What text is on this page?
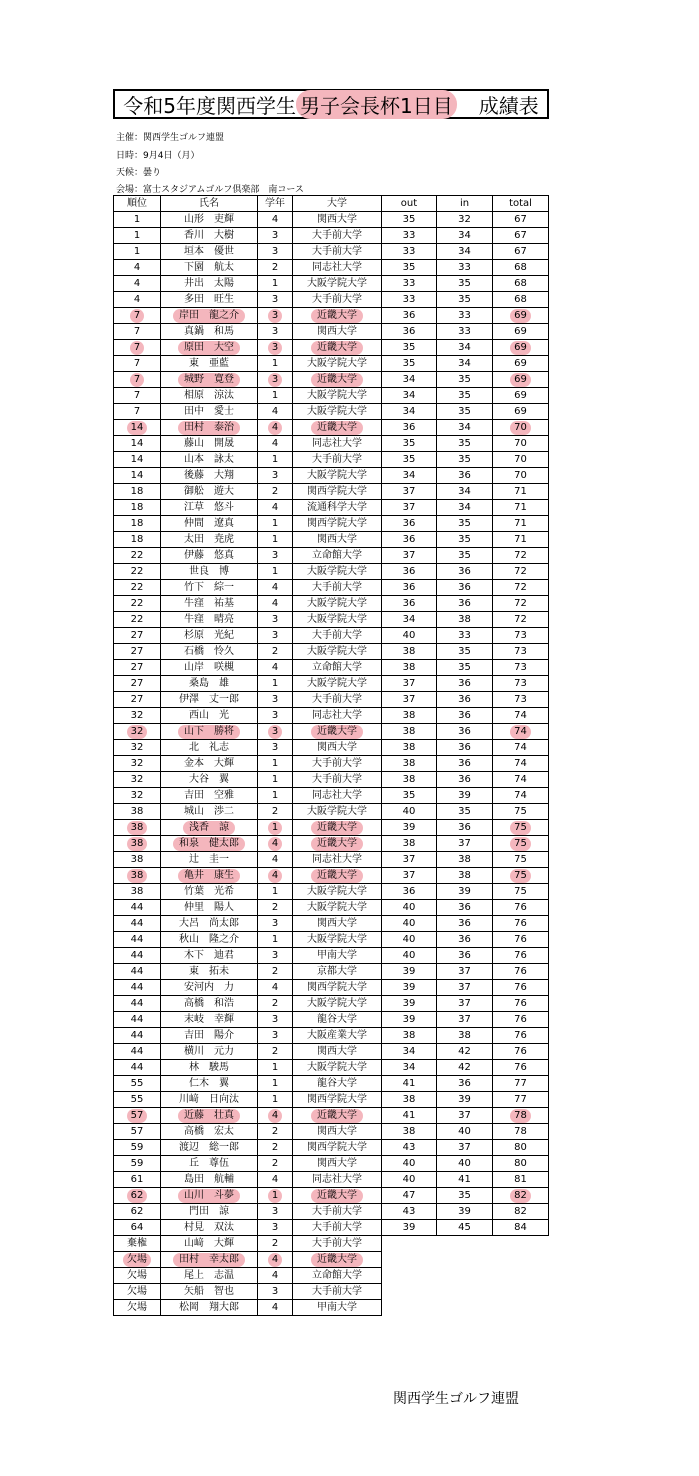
令和5年度関西学生 男子会長杯1日目 成績表
主催：関西学生ゴルフ連盟
日時：9月4日（月）
天候：曇り
会場：富士スタジアムゴルフ倶楽部　南コース
順位	氏名	学年	大学	out	in	total
1	山形　吏輝	4	関西大学	35	32	67
1	香川　大樹	3	大手前大学	33	34	67
1	垣本　優世	3	大手前大学	33	34	67
4	下園　航太	2	同志社大学	35	33	68
4	井出　太陽	1	大阪学院大学	33	35	68
4	多田　旺生	3	大手前大学	33	35	68
7	岸田　龍之介	3	近畿大学	36	33	69
7	真鍋　和馬	3	関西大学	36	33	69
7	原田　大空	3	近畿大学	35	34	69
7	東　亜藍	1	大阪学院大学	35	34	69
7	城野　寛登	3	近畿大学	34	35	69
7	相原　涼汰	1	大阪学院大学	34	35	69
7	田中　愛士	4	大阪学院大学	34	35	69
14	田村　泰治	4	近畿大学	36	34	70
14	藤山　開晟	4	同志社大学	35	35	70
14	山本　詠太	1	大手前大学	35	35	70
14	後藤　大翔	3	大阪学院大学	34	36	70
18	御舩　遊大	2	関西学院大学	37	34	71
18	江草　悠斗	4	流通科学大学	37	34	71
18	仲間　遼真	1	関西学院大学	36	35	71
18	太田　尭虎	1	関西大学	36	35	71
22	伊藤　悠真	3	立命館大学	37	35	72
22	世良　博	1	大阪学院大学	36	36	72
22	竹下　綜一	4	大手前大学	36	36	72
22	牛窪　祐基	4	大阪学院大学	36	36	72
22	牛窪　晴亮	3	大阪学院大学	34	38	72
27	杉原　光紀	3	大手前大学	40	33	73
27	石橋　怜久	2	大阪学院大学	38	35	73
27	山岸　咲槻	4	立命館大学	38	35	73
27	桑島　雄	1	大阪学院大学	37	36	73
27	伊澤　丈一郎	3	大手前大学	37	36	73
32	西山　光	3	同志社大学	38	36	74
32	山下　勝将	3	近畿大学	38	36	74
32	北　礼志	3	関西大学	38	36	74
32	金本　大輝	1	大手前大学	38	36	74
32	大谷　翼	1	大手前大学	38	36	74
32	吉田　空雅	1	同志社大学	35	39	74
38	城山　渉二	2	大阪学院大学	40	35	75
38	浅香　諒	1	近畿大学	39	36	75
38	和泉　健太郎	4	近畿大学	38	37	75
38	辻　圭一	4	同志社大学	37	38	75
38	亀井　康生	4	近畿大学	37	38	75
38	竹葉　光希	1	大阪学院大学	36	39	75
44	仲里　陽人	2	大阪学院大学	40	36	76
44	大呂　尚太郎	3	関西大学	40	36	76
44	秋山　隆之介	1	大阪学院大学	40	36	76
44	木下　迪君	3	甲南大学	40	36	76
44	東　拓未	2	京都大学	39	37	76
44	安河内　力	4	関西学院大学	39	37	76
44	高橋　和浩	2	大阪学院大学	39	37	76
44	末岐　幸輝	3	龍谷大学	39	37	76
44	吉田　陽介	3	大阪産業大学	38	38	76
44	横川　元力	2	関西大学	34	42	76
44	林　駿馬	1	大阪学院大学	34	42	76
55	仁木　翼	1	龍谷大学	41	36	77
55	川﨑　日向汰	1	関西学院大学	38	39	77
57	近藤　壮真	4	近畿大学	41	37	78
57	高橋　宏太	2	関西大学	38	40	78
59	渡辺　総一郎	2	関西学院大学	43	37	80
59	丘　尊伍	2	関西大学	40	40	80
61	島田　航輔	4	同志社大学	40	41	81
62	山川　斗夢	1	近畿大学	47	35	82
62	門田　諒	3	大手前大学	43	39	82
64	村見　双汰	3	大手前大学	39	45	84
棄権	山﨑　大輝	2	大手前大学			
欠場	田村　幸太郎	4	近畿大学			
欠場	尾上　志温	4	立命館大学			
欠場	矢船　智也	3	大手前大学			
欠場	松岡　翔大郎	4	甲南大学			
関西学生ゴルフ連盟
